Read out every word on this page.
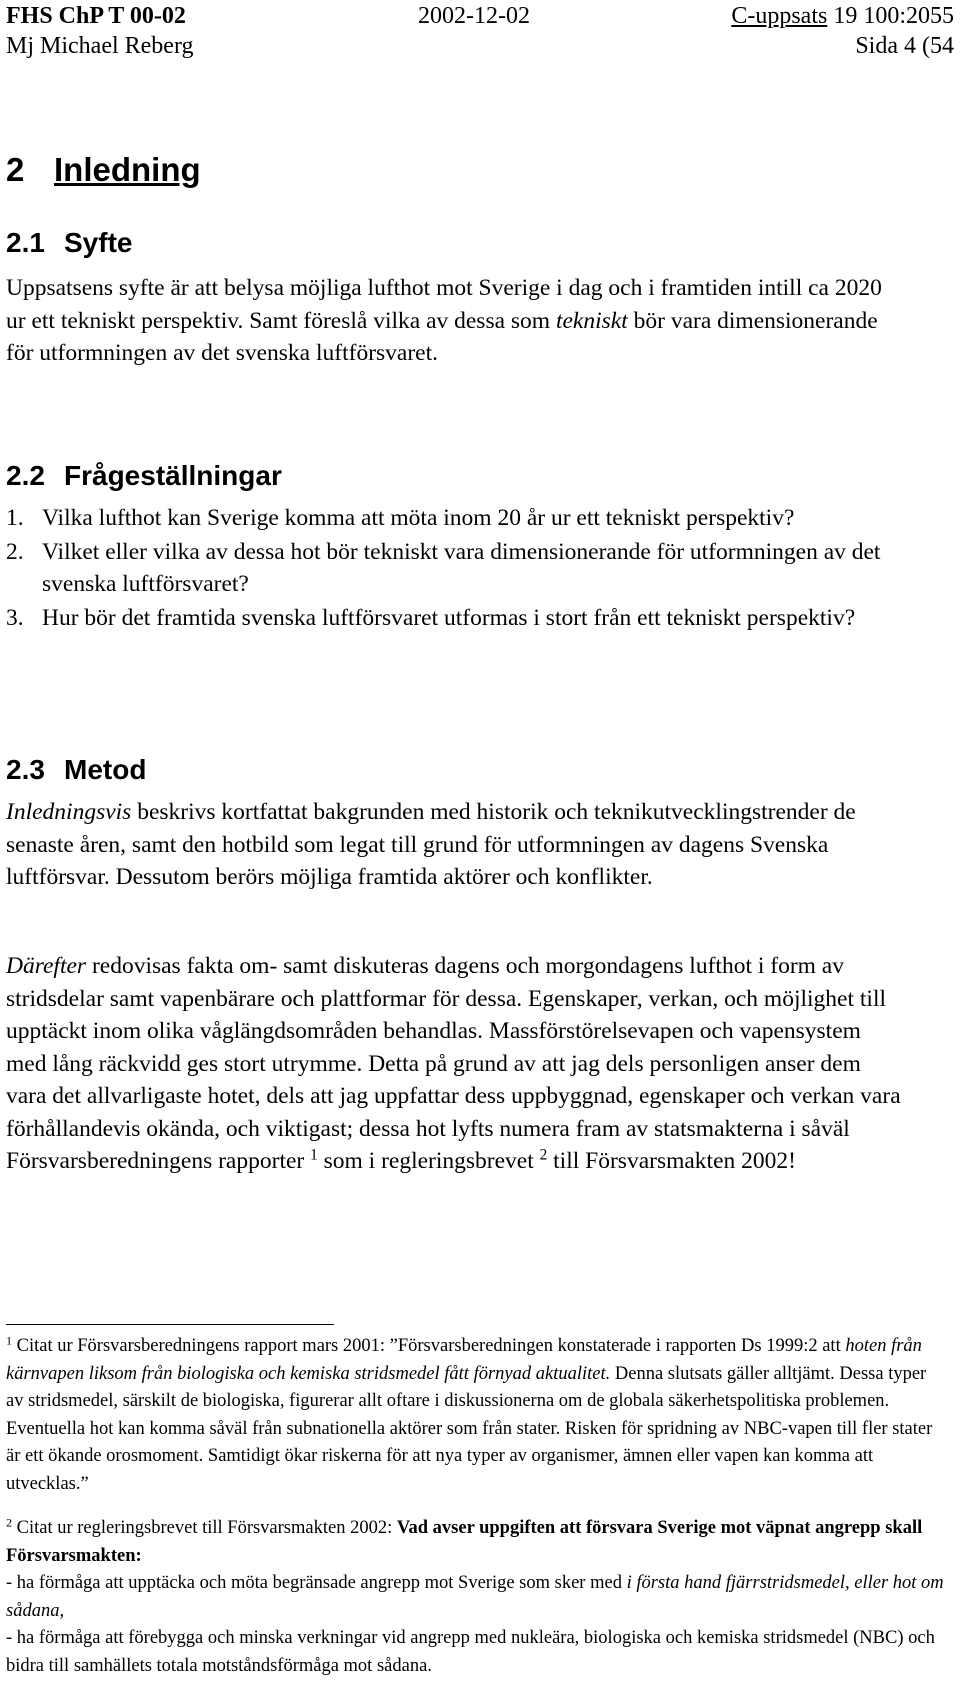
FHS ChP T 00-02	2002-12-02	C-uppsats 19 100:2055
Mj Michael Reberg	Sida 4 (54
2 Inledning
2.1 Syfte

Uppsatsens syfte är att belysa möjliga lufthot mot Sverige i dag och i framtiden intill ca 2020 ur ett tekniskt perspektiv. Samt föreslå vilka av dessa som tekniskt bör vara dimensionerande för utformningen av det svenska luftförsvaret.

2.2 Frågeställningar
1. Vilka lufthot kan Sverige komma att möta inom 20 år ur ett tekniskt perspektiv?
2. Vilket eller vilka av dessa hot bör tekniskt vara dimensionerande för utformningen av det svenska luftförsvaret?
3. Hur bör det framtida svenska luftförsvaret utformas i stort från ett tekniskt perspektiv?
2.3 Metod

Inledningsvis beskrivs kortfattat bakgrunden med historik och teknikutvecklingstrender de senaste åren, samt den hotbild som legat till grund för utformningen av dagens Svenska luftförsvar. Dessutom berörs möjliga framtida aktörer och konflikter.

Därefter redovisas fakta om- samt diskuteras dagens och morgondagens lufthot i form av stridsdelar samt vapenbärare och plattformar för dessa. Egenskaper, verkan, och möjlighet till upptäckt inom olika våglängdsområden behandlas. Massförstörelsevapen och vapensystem med lång räckvidd ges stort utrymme. Detta på grund av att jag dels personligen anser dem vara det allvarligaste hotet, dels att jag uppfattar dess uppbyggnad, egenskaper och verkan vara förhållandevis okända, och viktigast; dessa hot lyfts numera fram av statsmakterna i såväl Försvarsberedningens rapporter $^1$ som i regleringsbrevet $^2$ till Försvarsmakten 2002!

$^1$ Citat ur Försvarsberedningens rapport mars 2001: ”Försvarsberedningen konstaterade i rapporten Ds 1999:2 att hoten från kärnvapen liksom från biologiska och kemiska stridsmedel fått förnyad aktualitet. Denna slutsats gäller alltjämt. Dessa typer av stridsmedel, särskilt de biologiska, figurerar allt oftare i diskussionerna om de globala säkerhetspolitiska problemen. Eventuella hot kan komma såväl från subnationella aktörer som från stater. Risken för spridning av NBC-vapen till fler stater är ett ökande orosmoment. Samtidigt ökar riskerna för att nya typer av organismer, ämnen eller vapen kan komma att utvecklas.”

$^2$ Citat ur regleringsbrevet till Försvarsmakten 2002: Vad avser uppgiften att försvara Sverige mot väpnat angrepp skall Försvarsmakten:

- ha förmåga att upptäcka och möta begränsade angrepp mot Sverige som sker med i första hand fjärrstridsmedel, eller hot om sådana,

- ha förmåga att förebygga och minska verkningar vid angrepp med nukleära, biologiska och kemiska stridsmedel (NBC) och bidra till samhällets totala motståndsförmåga mot sådana.
